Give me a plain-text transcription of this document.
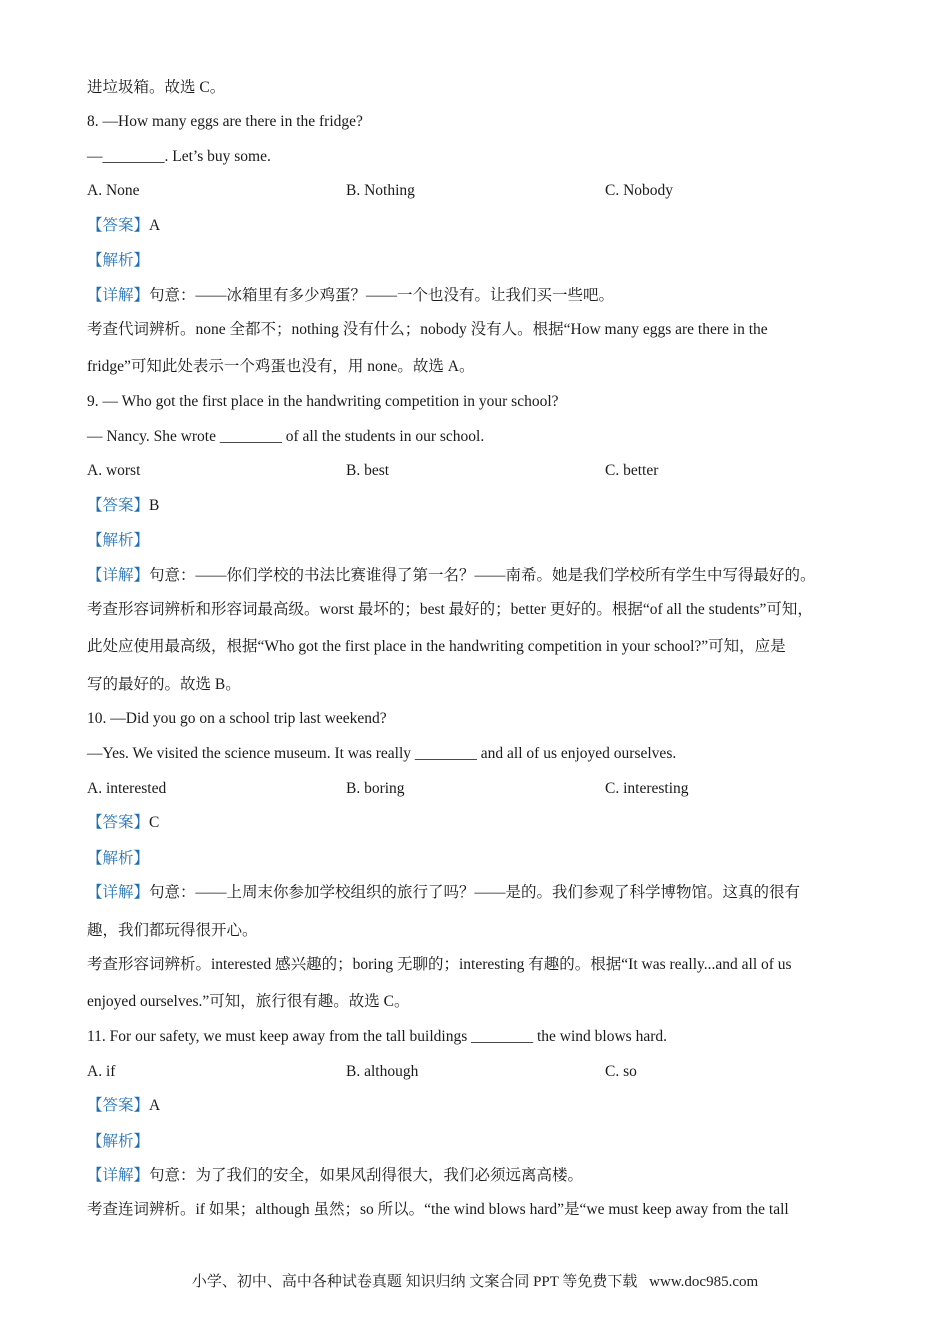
进垃圾箱。故选 C。
8. —How many eggs are there in the fridge?
—________. Let’s buy some.
A. None	B. Nothing	C. Nobody
【答案】A
【解析】
【详解】句意：——冰箱里有多少鸡蛋？——一个也没有。让我们买一些吧。
考查代词辨析。none 全都不；nothing 没有什么；nobody 没有人。根据“How many eggs are there in the
fridge”可知此处表示一个鸡蛋也没有，用 none。故选 A。
9. — Who got the first place in the handwriting competition in your school?
— Nancy. She wrote ________ of all the students in our school.
A. worst	B. best	C. better
【答案】B
【解析】
【详解】句意：——你们学校的书法比赛谁得了第一名？——南希。她是我们学校所有学生中写得最好的。
考查形容词辨析和形容词最高级。worst 最坏的；best 最好的；better 更好的。根据“of all the students”可知，
此处应使用最高级，根据“Who got the first place in the handwriting competition in your school?”可知，应是
写的最好的。故选 B。
10. —Did you go on a school trip last weekend?
—Yes. We visited the science museum. It was really ________ and all of us enjoyed ourselves.
A. interested	B. boring	C. interesting
【答案】C
【解析】
【详解】句意：——上周末你参加学校组织的旅行了吗？——是的。我们参观了科学博物馆。这真的很有
趣，我们都玩得很开心。
考查形容词辨析。interested 感兴趣的；boring 无聊的；interesting 有趣的。根据“It was really...and all of us
enjoyed ourselves.”可知，旅行很有趣。故选 C。
11. For our safety, we must keep away from the tall buildings ________ the wind blows hard.
A. if	B. although	C. so
【答案】A
【解析】
【详解】句意：为了我们的安全，如果风刮得很大，我们必须远离高楼。
考查连词辨析。if 如果；although 虽然；so 所以。“the wind blows hard”是“we must keep away from the tall
小学、初中、高中各种试卷真题 知识归纳 文案合同 PPT 等免费下载 www.doc985.com
